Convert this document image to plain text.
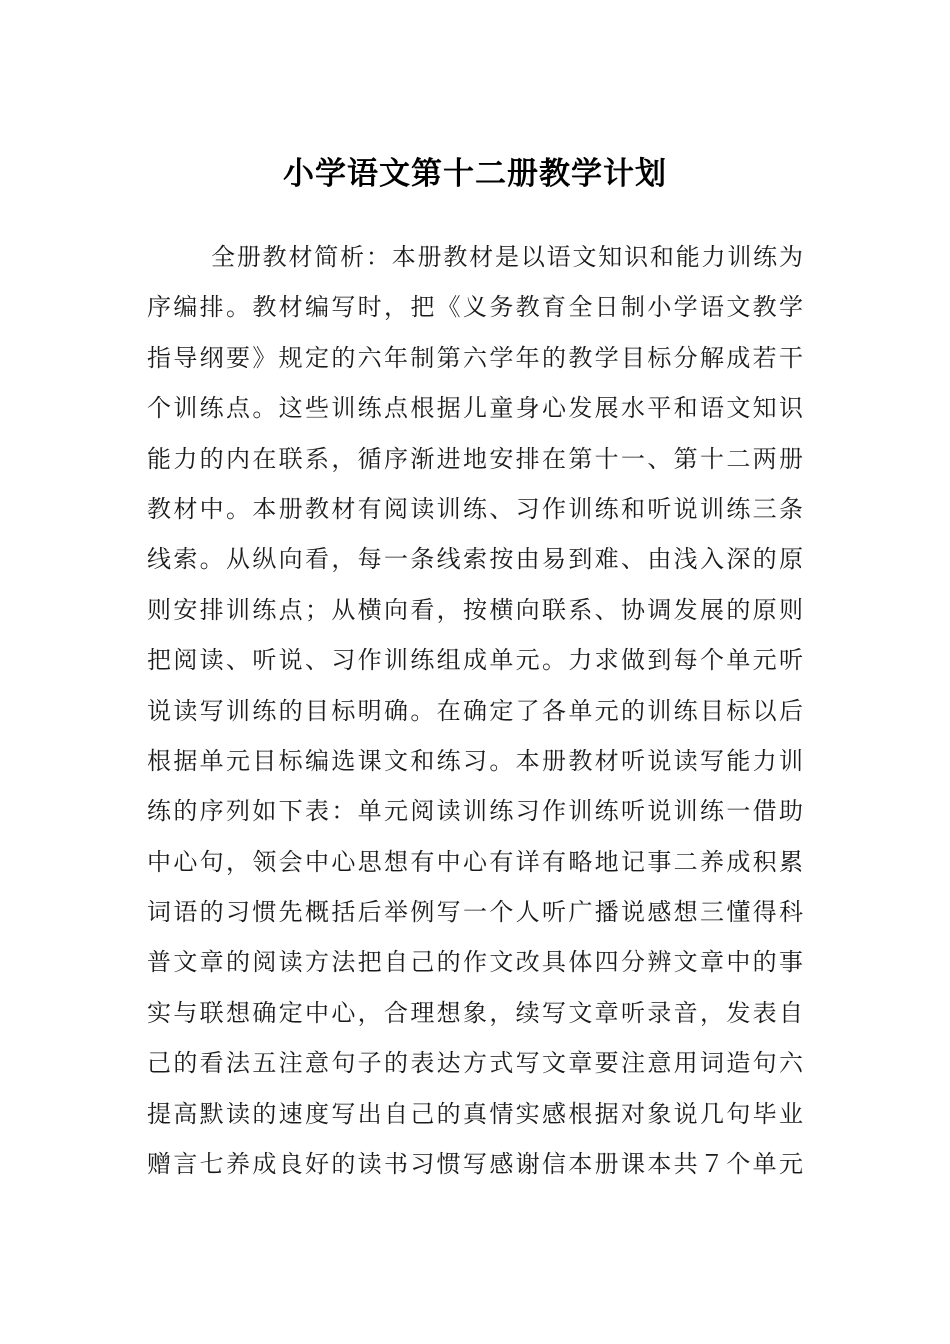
小学语文第十二册教学计划
全册教材简析：本册教材是以语文知识和能力训练为
序编排。教材编写时，把《义务教育全日制小学语文教学
指导纲要》规定的六年制第六学年的教学目标分解成若干
个训练点。这些训练点根据儿童身心发展水平和语文知识
能力的内在联系，循序渐进地安排在第十一、第十二两册
教材中。本册教材有阅读训练、习作训练和听说训练三条
线索。从纵向看，每一条线索按由易到难、由浅入深的原
则安排训练点；从横向看，按横向联系、协调发展的原则
把阅读、听说、习作训练组成单元。力求做到每个单元听
说读写训练的目标明确。在确定了各单元的训练目标以后
根据单元目标编选课文和练习。本册教材听说读写能力训
练的序列如下表：单元阅读训练习作训练听说训练一借助
中心句，领会中心思想有中心有详有略地记事二养成积累
词语的习惯先概括后举例写一个人听广播说感想三懂得科
普文章的阅读方法把自己的作文改具体四分辨文章中的事
实与联想确定中心，合理想象，续写文章听录音，发表自
己的看法五注意句子的表达方式写文章要注意用词造句六
提高默读的速度写出自己的真情实感根据对象说几句毕业
赠言七养成良好的读书习惯写感谢信本册课本共７个单元
